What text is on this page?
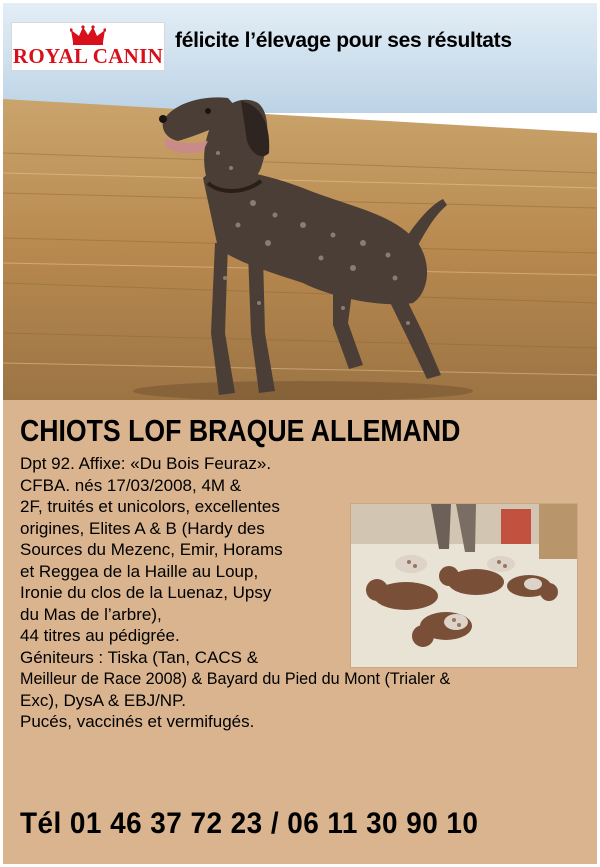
ROYAL CANIN
félicite l’élevage pour ses résultats
CHIOTS LOF BRAQUE ALLEMAND
Dpt 92. Affixe: «Du Bois Feuraz».
CFBA. nés 17/03/2008, 4M &
2F, truités et unicolors, excellentes
origines, Elites A & B (Hardy des
Sources du Mezenc, Emir, Horams
et Reggea de la Haille au Loup,
Ironie du clos de la Luenaz, Upsy
du Mas de l’arbre),
44 titres au pédigrée.
Géniteurs : Tiska (Tan, CACS &
Meilleur de Race 2008) & Bayard du Pied du Mont (Trialer &
Exc), DysA & EBJ/NP.
Pucés, vaccinés et vermifugés.
Tél 01 46 37 72 23 / 06 11 30 90 10
